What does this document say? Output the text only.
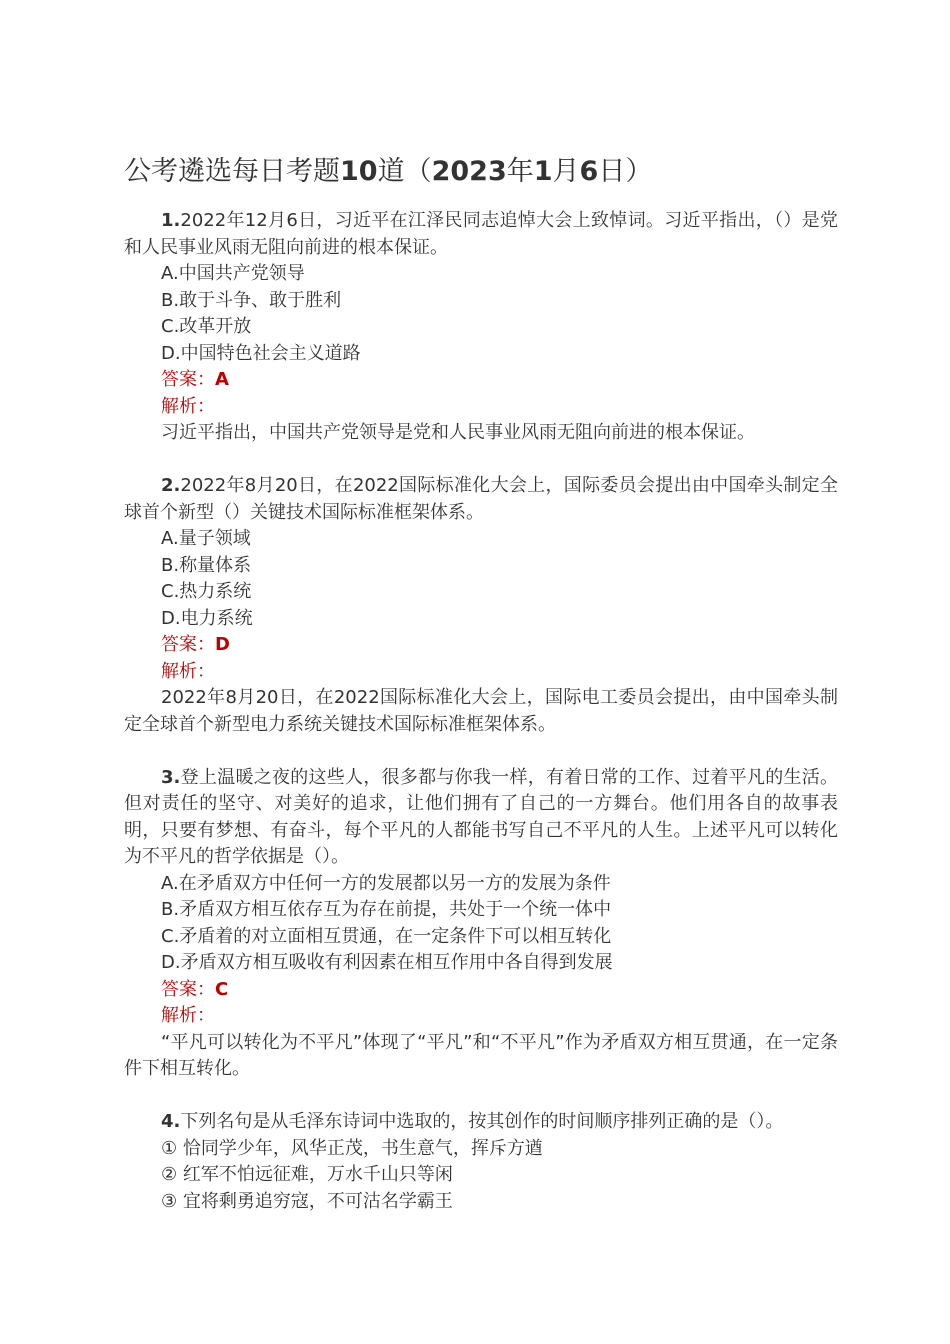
公考遴选每日考题10道（2023年1月6日）

1.2022年12月6日，习近平在江泽民同志追悼大会上致悼词。习近平指出，（）是党和人民事业风雨无阻向前进的根本保证。

A.中国共产党领导

B.敢于斗争、敢于胜利

C.改革开放

D.中国特色社会主义道路

答案：A

解析：

习近平指出，中国共产党领导是党和人民事业风雨无阻向前进的根本保证。

2.2022年8月20日，在2022国际标准化大会上，国际委员会提出由中国牵头制定全球首个新型（）关键技术国际标准框架体系。

A.量子领域

B.称量体系

C.热力系统

D.电力系统

答案：D

解析：

2022年8月20日，在2022国际标准化大会上，国际电工委员会提出，由中国牵头制定全球首个新型电力系统关键技术国际标准框架体系。

3.登上温暖之夜的这些人，很多都与你我一样，有着日常的工作、过着平凡的生活。但对责任的坚守、对美好的追求，让他们拥有了自己的一方舞台。他们用各自的故事表明，只要有梦想、有奋斗，每个平凡的人都能书写自己不平凡的人生。上述平凡可以转化为不平凡的哲学依据是（）。

A.在矛盾双方中任何一方的发展都以另一方的发展为条件

B.矛盾双方相互依存互为存在前提，共处于一个统一体中

C.矛盾着的对立面相互贯通，在一定条件下可以相互转化

D.矛盾双方相互吸收有利因素在相互作用中各自得到发展

答案：C

解析：

“平凡可以转化为不平凡”体现了“平凡”和“不平凡”作为矛盾双方相互贯通，在一定条件下相互转化。

4.下列名句是从毛泽东诗词中选取的，按其创作的时间顺序排列正确的是（）。

① 恰同学少年，风华正茂，书生意气，挥斥方遒

② 红军不怕远征难，万水千山只等闲

③ 宜将剩勇追穷寇，不可沽名学霸王
